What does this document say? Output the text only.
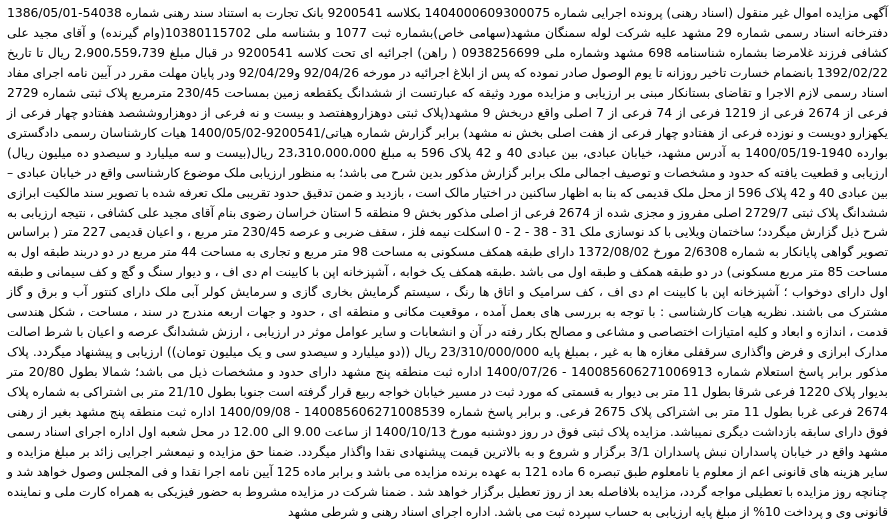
آگهی مزایده اموال غیر منقول (اسناد رهنی) پرونده اجرایی شماره 1404000609300075 بکلاسه 9200541 بانک تجارت به استناد سند رهنی شماره 54038-1386/05/01 دفترخانه اسناد رسمی شماره 29 مشهد علیه شرکت لوله سمنگان مشهد(سهامی خاص)بشماره ثبت 1077 و بشناسه ملی 10380115702(وام گیرنده) و آقای مجید علی کشافی فرزند غلامرضا بشماره شناسنامه 698 مشهد وشماره ملی 0938256699 ( راهن) اجرائیه ای تحت کلاسه 9200541 در قبال مبلغ 2،900،559،739 ریال تا تاریخ 1392/02/22 بانضمام خسارت تاخیر روزانه تا یوم الوصول صادر نموده که پس از ابلاغ اجرائیه در مورخه 92/04/26 و92/04/29 ودر پایان مهلت مقرر در آیین نامه اجرای مفاد اسناد رسمی لازم الاجرا و تقاضای بستانکار مبنی بر ارزیابی و مزایده مورد وثیقه که عبارتست از ششدانگ یکقطعه زمین بمساحت 230/45 مترمربع پلاک ثبتی شماره 2729 فرعی از 2674 فرعی از 1219 فرعی از 74 فرعی از 7 اصلی واقع دربخش 9 مشهد(پلاک ثبتی دوهزاروهفتصد و بیست و نه فرعی از دوهزاروششصد هفتادو چهار فرعی از یکهزارو دویست و نوزده فرعی از هفتادو چهار فرعی از هفت اصلی بخش نه مشهد) برابر گزارش شماره هیاتی/9200541-1400/05/02 هیات کارشناسان رسمی دادگستری بوارده 1940-1400/05/19 به آدرس مشهد، خیابان عبادی، بین عبادی 40 و 42 پلاک 596 به مبلغ 23،310،000،000 ریال(بیست و سه میلیارد و سیصدو ده میلیون ریال) ارزیابی و قطعیت یافته که حدود و مشخصات و توصیف اجمالی ملک برابر گزارش مذکور بدین شرح می باشد؛ به منظور ارزیابی ملک موضوع کارشناسی واقع در خیابان عبادی – بین عبادی 40 و 42 پلاک 596 از محل ملک قدیمی که بنا به اظهار ساکنین در اختیار مالک است ، بازدید و ضمن تدقیق حدود تقریبی ملک تعرفه شده با تصویر سند مالکیت ابرازی ششدانگ پلاک ثبتی 2729/7 اصلی مفروز و مجزی شده از 2674 فرعی از اصلی مذکور بخش 9 منطقه 5 استان خراسان رضوی بنام آقای مجید علی کشافی ، نتیجه ارزیابی به شرح ذیل گزارش میگردد؛ ساختمان ویلایی با کد نوسازی ملک 31 - 38 - 2 - 0 اسکلت نیمه فلز ، سقف ضربی و عرصه 230/45 متر مربع ، و اعیان قدیمی 227 متر ( براساس تصویر گواهی پایانکار به شماره 2/6308 مورخ 1372/08/02 دارای طبقه همکف مسکونی به مساحت 98 متر مربع و تجاری به مساحت 44 متر مربع در دو دربند طبقه اول به مساحت 85 متر مربع مسکونی) در دو طبقه همکف و طبقه اول می باشد .طبقه همکف یک خوابه ، آشپزخانه اپن با کابینت ام دی اف ، و دیوار سنگ و گچ و کف سیمانی و طبقه اول دارای دوخواب ؛ آشپزخانه اپن با کابینت ام دی اف ، کف سرامیک و اتاق ها رنگ ، سیستم گرمایش بخاری گازی و سرمایش کولر آبی ملک دارای کنتور آب و برق و گاز مشترک می باشند. نظریه هیات کارشناسی : با توجه به بررسی های بعمل آمده ، موقعیت مکانی و منطقه ای ، حدود و جهات اربعه مندرج در سند ، مساحت ، شکل هندسی قدمت ، اندازه و ابعاد و کلیه امتیازات اختصاصی و مشاعی و مصالح بکار رفته در آن و انشعابات و سایر عوامل موثر در ارزیابی ، ارزش ششدانگ عرصه و اعیان با شرط اصالت مدارک ابرازی و فرض واگذاری سرقفلی مغازه ها به غیر ، بمبلغ پایه 23/310/000/000 ریال ((دو میلیارد و سیصدو سی و یک میلیون تومان)) ارزیابی و پیشنهاد میگردد. پلاک مذکور برابر پاسخ استعلام شماره 140085606271006913 - 1400/07/26 اداره ثبت منطقه پنج مشهد دارای حدود و مشخصات ذیل می باشد؛ شمالا بطول 20/80 متر بدیوار پلاک 1220 فرعی شرقا بطول 11 متر بی دیوار به قسمتی که مورد ثبت در مسیر خیابان خواجه ربیع قرار گرفته است جنوبا بطول 21/10 متر بی اشتراکی به شماره پلاک 2674 فرعی غربا بطول 11 متر بی اشتراکی پلاک 2675 فرعی. و برابر پاسخ شماره 140085606271008539 - 1400/09/08 اداره ثبت منطقه پنج مشهد بغیر از رهنی فوق دارای سابقه بازداشت دیگری نمیباشد. مزایده پلاک ثبتی فوق در روز دوشنبه مورخ 1400/10/13 از ساعت 9.00 الی 12.00 در محل شعبه اول اداره اجرای اسناد رسمی مشهد واقع در خیابان پاسداران نبش پاسداران 3/1 برگزار و شروع و به بالاترین قیمت پیشنهادی نقدا واگذار میگردد. ضمنا حق مزایده و نیمعشر اجرایی زائد بر مبلغ مزایده و سایر هزینه های قانونی اعم از معلوم یا نامعلوم طبق تبصره 6 ماده 121 به عهده برنده مزایده می باشد و برابر ماده 125 آیین نامه اجرا نقدا و فی المجلس وصول خواهد شد و چنانچه روز مزایده با تعطیلی مواجه گردد، مزایده بلافاصله بعد از روز تعطیل برگزار خواهد شد . ضمنا شرکت در مزایده مشروط به حضور فیزیکی به همراه کارت ملی و نماینده قانونی وی و پرداخت 10% از مبلغ پایه ارزیابی به حساب سپرده ثبت می باشد. اداره اجرای اسناد رهنی و شرطی مشهد
